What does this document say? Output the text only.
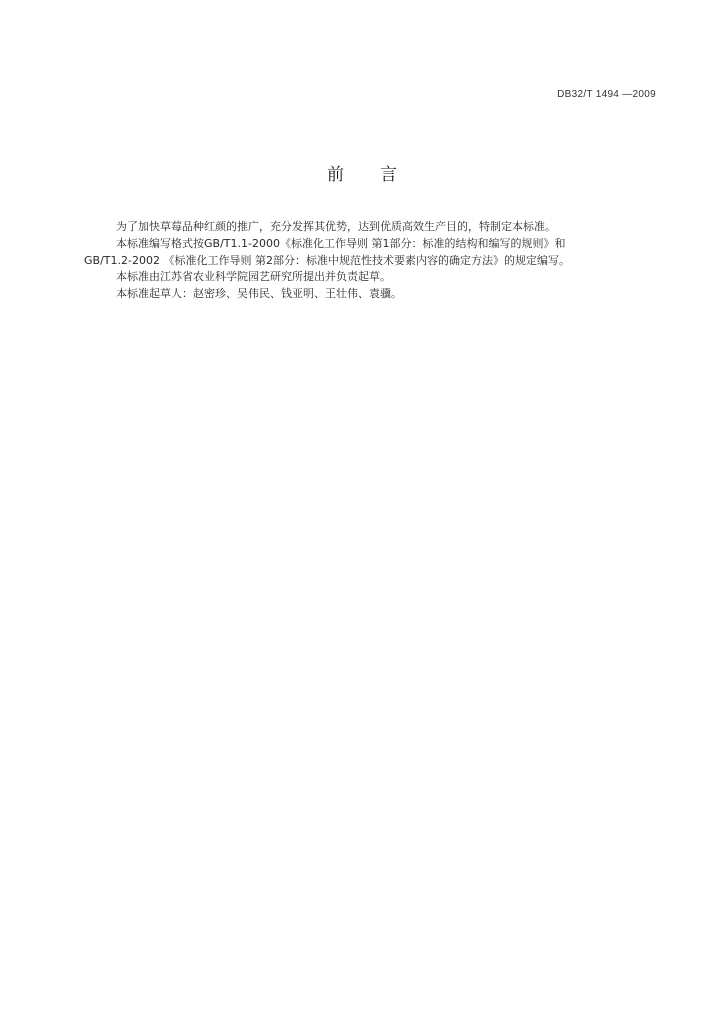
DB32/T 1494 —2009
前言

为了加快草莓品种红颜的推广，充分发挥其优势，达到优质高效生产目的，特制定本标准。

本标准编写格式按GB/T1.1-2000《标准化工作导则 第1部分：标准的结构和编写的规则》和

GB/T1.2-2002 《标准化工作导则 第2部分：标准中规范性技术要素内容的确定方法》的规定编写。

本标准由江苏省农业科学院园艺研究所提出并负责起草。

本标准起草人：赵密珍、吴伟民、钱亚明、王壮伟、袁骥。
